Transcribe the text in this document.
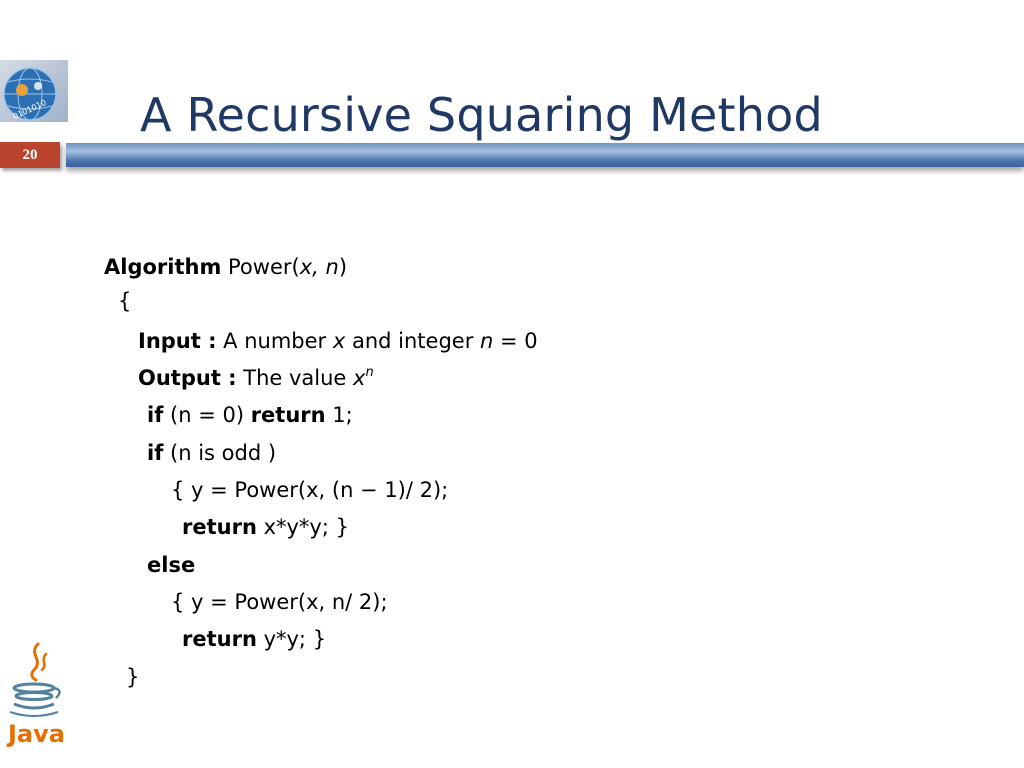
0101010 A Recursive Squaring Method
20
Algorithm Power(x, n)
{
Input : A number x and integer n = 0
Output : The value $x^n$
if (n = 0) return 1;
if (n is odd )
{ y = Power(x, (n − 1)/ 2);
return x*y*y; }
else
{ y = Power(x, n/ 2);
return y*y; }
}
Java
